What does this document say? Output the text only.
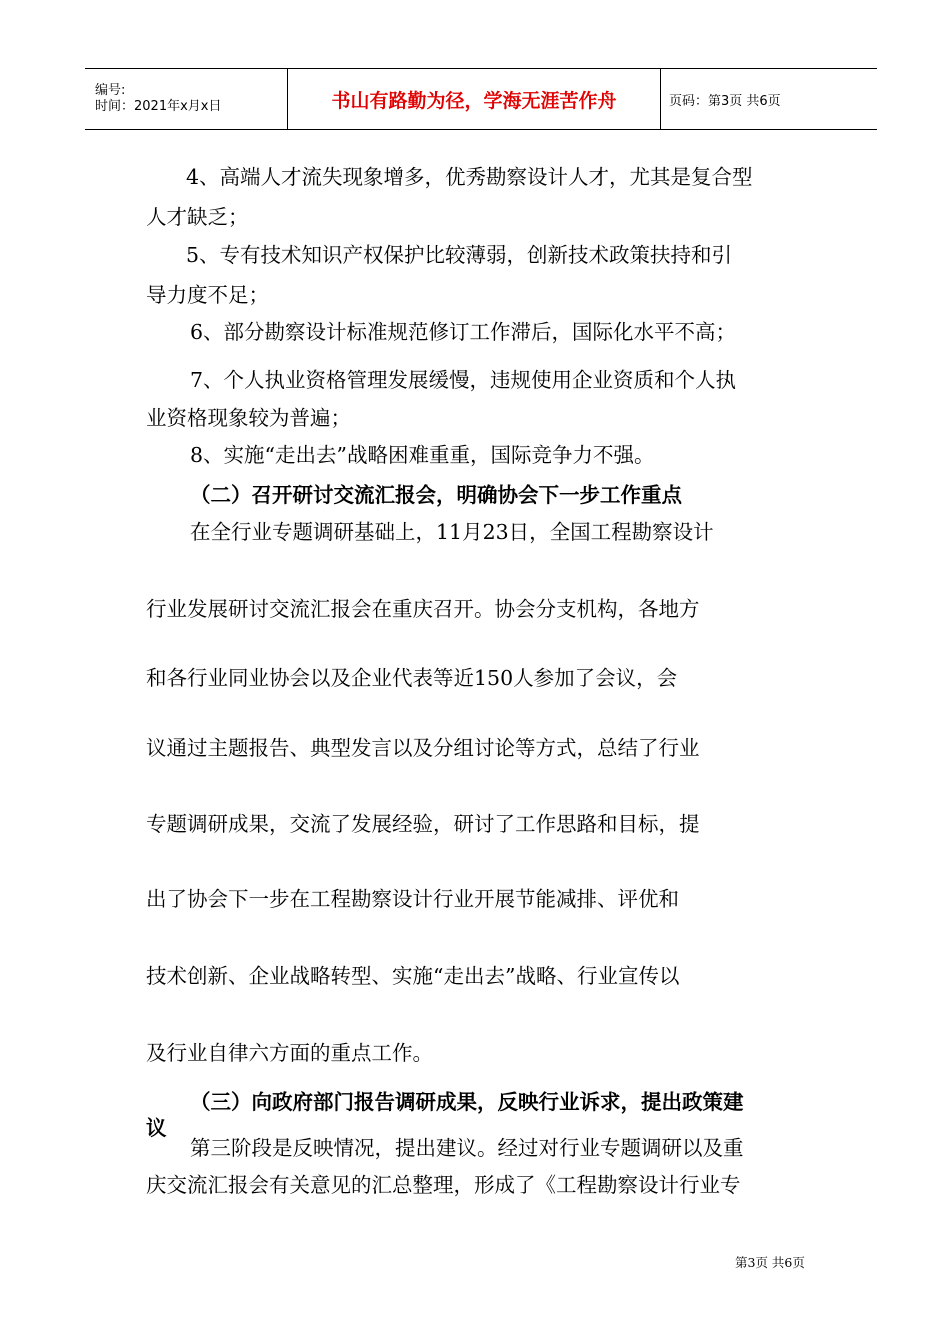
编号:
时间：2021年x月x日	书山有路勤为径，学海无涯苦作舟	页码：第3页 共6页
4、高端人才流失现象增多，优秀勘察设计人才，尤其是复合型
人才缺乏；
5、专有技术知识产权保护比较薄弱，创新技术政策扶持和引
导力度不足；
6、部分勘察设计标准规范修订工作滞后，国际化水平不高；
7、个人执业资格管理发展缓慢，违规使用企业资质和个人执
业资格现象较为普遍；
8、实施“走出去”战略困难重重，国际竞争力不强。
（二）召开研讨交流汇报会，明确协会下一步工作重点
在全行业专题调研基础上，11月23日，全国工程勘察设计
行业发展研讨交流汇报会在重庆召开。协会分支机构，各地方
和各行业同业协会以及企业代表等近150人参加了会议，会
议通过主题报告、典型发言以及分组讨论等方式，总结了行业
专题调研成果，交流了发展经验，研讨了工作思路和目标，提
出了协会下一步在工程勘察设计行业开展节能减排、评优和
技术创新、企业战略转型、实施“走出去”战略、行业宣传以
及行业自律六方面的重点工作。
（三）向政府部门报告调研成果，反映行业诉求，提出政策建
议
第三阶段是反映情况，提出建议。经过对行业专题调研以及重
庆交流汇报会有关意见的汇总整理，形成了《工程勘察设计行业专
第3页 共6页
